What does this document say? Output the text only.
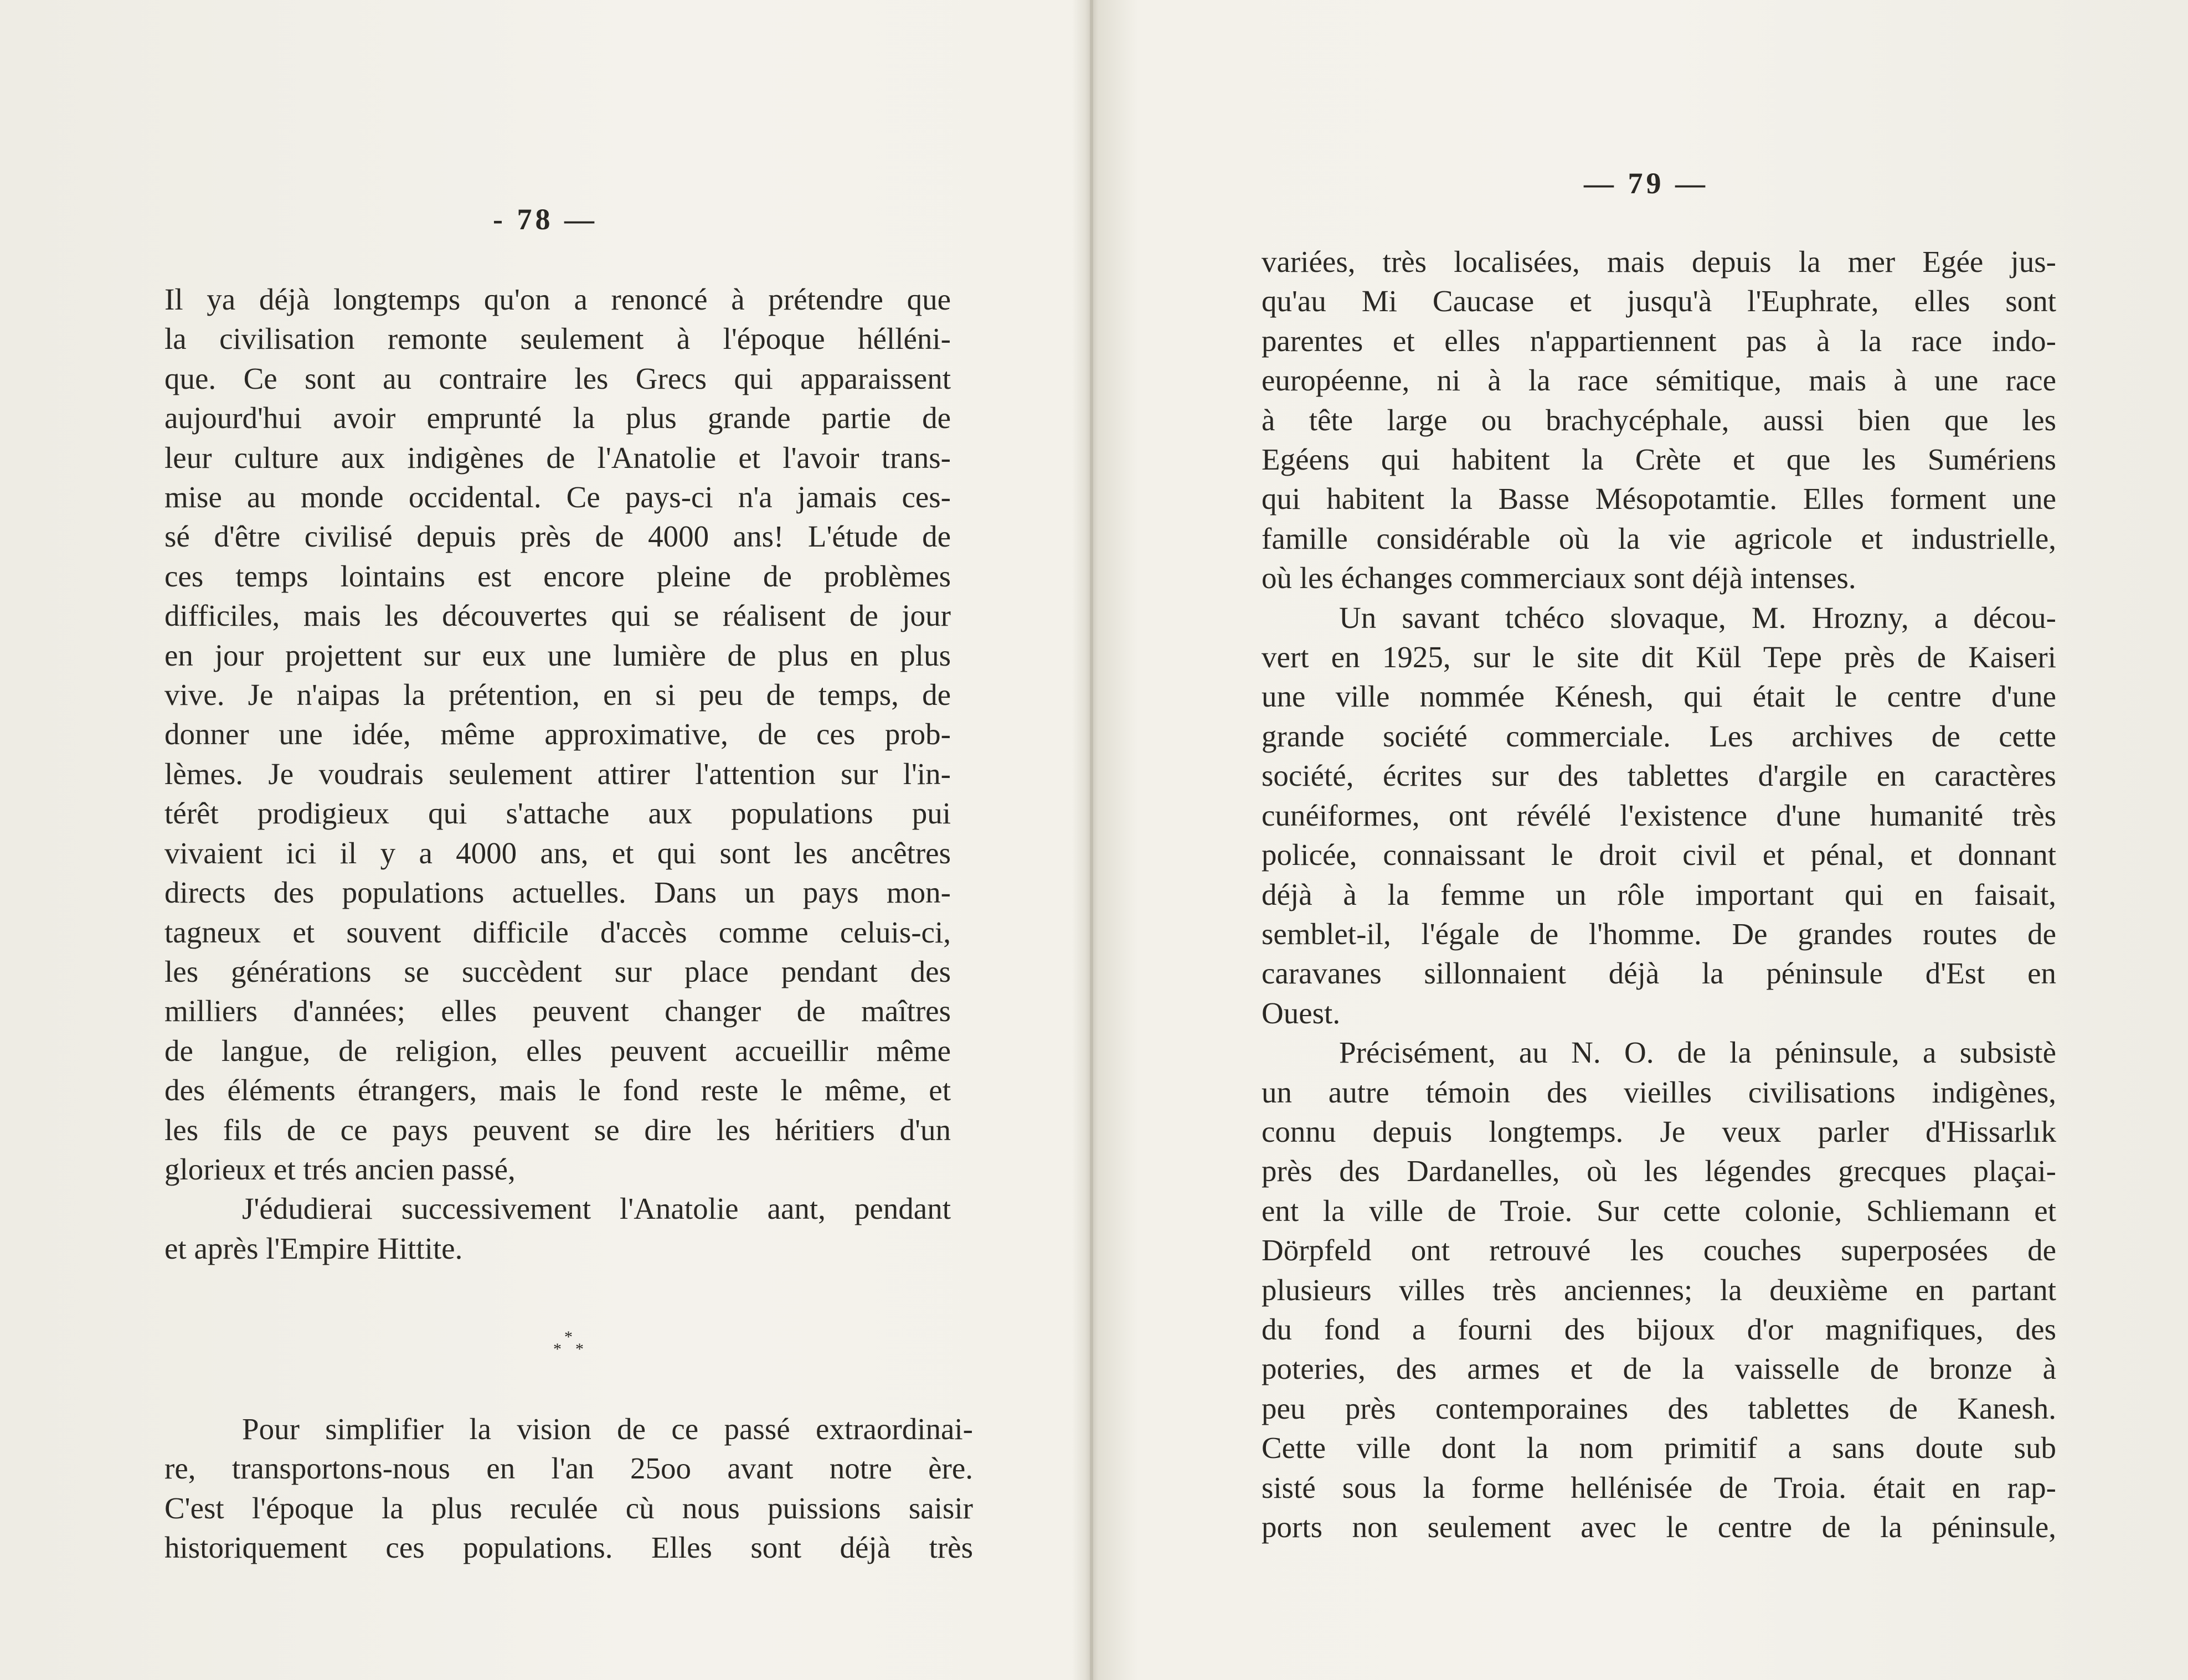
- 78 —
Il ya déjà longtemps qu'on a renoncé à prétendre que
la civilisation remonte seulement à l'époque hélléni-
que. Ce sont au contraire les Grecs qui apparaissent
aujourd'hui avoir emprunté la plus grande partie de
leur culture aux indigènes de l'Anatolie et l'avoir trans-
mise au monde occidental. Ce pays-ci n'a jamais ces-
sé d'être civilisé depuis près de 4000 ans! L'étude de
ces temps lointains est encore pleine de problèmes
difficiles, mais les découvertes qui se réalisent de jour
en jour projettent sur eux une lumière de plus en plus
vive. Je n'aipas la prétention, en si peu de temps, de
donner une idée, même approximative, de ces prob-
lèmes. Je voudrais seulement attirer l'attention sur l'in-
térêt prodigieux qui s'attache aux populations pui
vivaient ici il y a 4000 ans, et qui sont les ancêtres
directs des populations actuelles. Dans un pays mon-
tagneux et souvent difficile d'accès comme celuis-ci,
les générations se succèdent sur place pendant des
milliers d'années; elles peuvent changer de maîtres
de langue, de religion, elles peuvent accueillir même
des éléments étrangers, mais le fond reste le même, et
les fils de ce pays peuvent se dire les héritiers d'un
glorieux et trés ancien passé,
J'édudierai successivement l'Anatolie aant, pendant
et après l'Empire Hittite.
*
* *
Pour simplifier la vision de ce passé extraordinai-
re, transportons-nous en l'an 25oo avant notre ère.
C'est l'époque la plus reculée cù nous puissions saisir
historiquement ces populations. Elles sont déjà très
— 79 —
variées, très localisées, mais depuis la mer Egée jus-
qu'au Mi Caucase et jusqu'à l'Euphrate, elles sont
parentes et elles n'appartiennent pas à la race indo-
européenne, ni à la race sémitique, mais à une race
à tête large ou brachycéphale, aussi bien que les
Egéens qui habitent la Crète et que les Sumériens
qui habitent la Basse Mésopotamtie. Elles forment une
famille considérable où la vie agricole et industrielle,
où les échanges commerciaux sont déjà intenses.
Un savant tchéco slovaque, M. Hrozny, a décou-
vert en 1925, sur le site dit Kül Tepe près de Kaiseri
une ville nommée Kénesh, qui était le centre d'une
grande société commerciale. Les archives de cette
société, écrites sur des tablettes d'argile en caractères
cunéiformes, ont révélé l'existence d'une humanité très
policée, connaissant le droit civil et pénal, et donnant
déjà à la femme un rôle important qui en faisait,
semblet-il, l'égale de l'homme. De grandes routes de
caravanes sillonnaient déjà la péninsule d'Est en
Ouest.
Précisément, au N. O. de la péninsule, a subsistè
un autre témoin des vieilles civilisations indigènes,
connu depuis longtemps. Je veux parler d'Hissarlık
près des Dardanelles, où les légendes grecques plaçai-
ent la ville de Troie. Sur cette colonie, Schliemann et
Dörpfeld ont retrouvé les couches superposées de
plusieurs villes très anciennes; la deuxième en partant
du fond a fourni des bijoux d'or magnifiques, des
poteries, des armes et de la vaisselle de bronze à
peu près contemporaines des tablettes de Kanesh.
Cette ville dont la nom primitif a sans doute sub
sisté sous la forme hellénisée de Troia. était en rap-
ports non seulement avec le centre de la péninsule,
